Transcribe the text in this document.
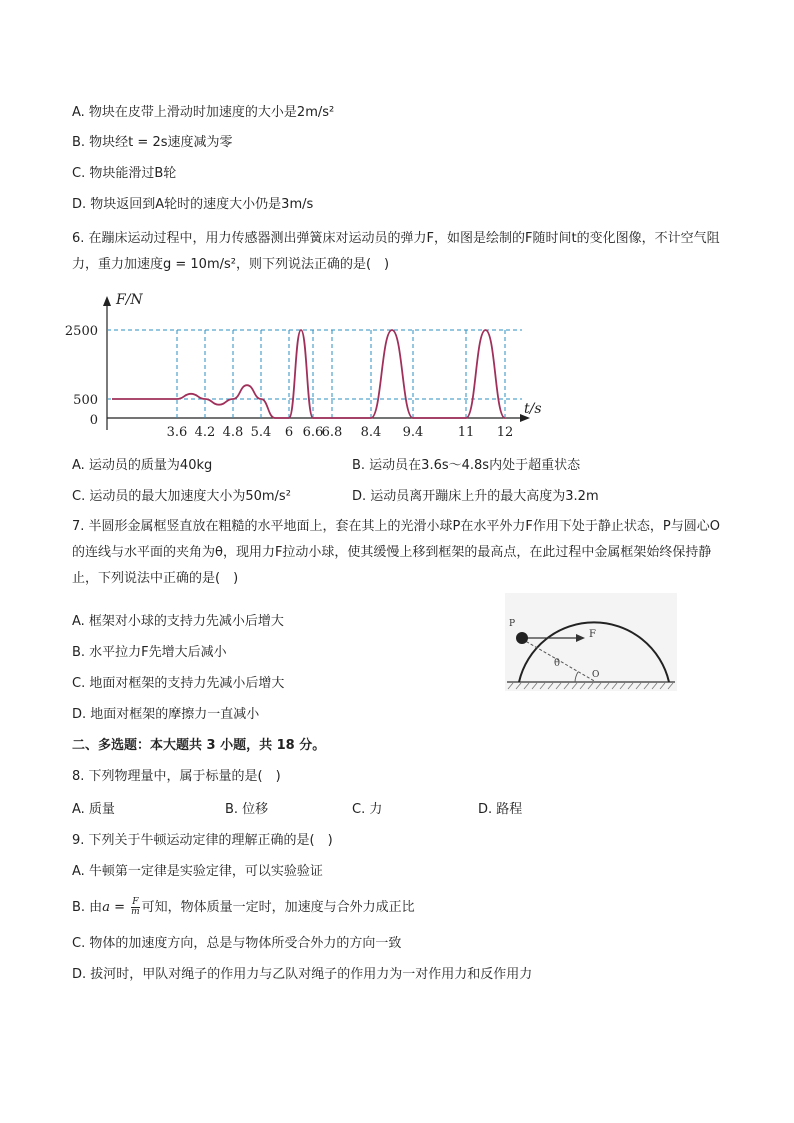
A. 物块在皮带上滑动时加速度的大小是2m/s²
B. 物块经t = 2s速度减为零
C. 物块能滑过B轮
D. 物块返回到A轮时的速度大小仍是3m/s
6. 在蹦床运动过程中，用力传感器测出弹簧床对运动员的弹力F，如图是绘制的F随时间t的变化图像，不计空气阻力，重力加速度g = 10m/s²，则下列说法正确的是(　)
3.6 4.2 4.8 5.4 6 6.6
6.8 8.4 9.4	11 12
2500
500
0
F/N
t/s
A. 运动员的质量为40kg	B. 运动员在3.6s～4.8s内处于超重状态
C. 运动员的最大加速度大小为50m/s²	D. 运动员离开蹦床上升的最大高度为3.2m
7. 半圆形金属框竖直放在粗糙的水平地面上，套在其上的光滑小球P在水平外力F作用下处于静止状态，P与圆心O的连线与水平面的夹角为θ，现用力F拉动小球，使其缓慢上移到框架的最高点，在此过程中金属框架始终保持静止，下列说法中正确的是(　)
A. 框架对小球的支持力先减小后增大
B. 水平拉力F先增大后减小
C. 地面对框架的支持力先减小后增大
D. 地面对框架的摩擦力一直减小
P
F
θ
O
二、多选题：本大题共 3 小题，共 18 分。
8. 下列物理量中，属于标量的是(　)
A. 质量	B. 位移	C. 力	D. 路程
9. 下列关于牛顿运动定律的理解正确的是(　)
A. 牛顿第一定律是实验定律，可以实验验证
B. 由$a = \frac{F}{m}$ 可知，物体质量一定时，加速度与合外力成正比
C. 物体的加速度方向，总是与物体所受合外力的方向一致
D. 拔河时，甲队对绳子的作用力与乙队对绳子的作用力为一对作用力和反作用力
